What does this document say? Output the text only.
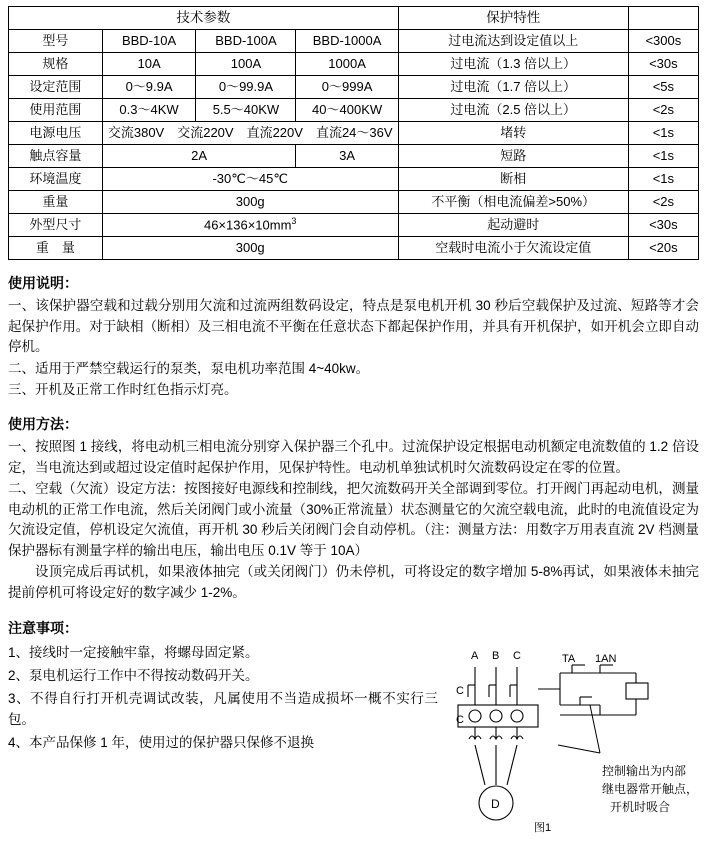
技术参数				保护特性	
型号	BBD-10A	BBD-100A	BBD-1000A	过电流达到设定值以上	<300s
规格	10A	100A	1000A	过电流（1.3 倍以上）	<30s
设定范围	0～9.9A	0～99.9A	0～999A	过电流（1.7 倍以上）	<5s
使用范围	0.3～4KW	5.5～40KW	40～400KW	过电流（2.5 倍以上）	<2s
电源电压	交流380V　交流220V　直流220V　直流24～36V			堵转	<1s
触点容量	2A		3A	短路	<1s
环境温度	-30℃～45℃			断相	<1s
重量	300g			不平衡（相电流偏差>50%）	<2s
外型尺寸	$46\times 136\times 10mm^3$			起动避时	<30s
重　量	300g			空载时电流小于欠流设定值	<20s
使用说明：

一、该保护器空载和过载分别用欠流和过流两组数码设定，特点是泵电机开机 30 秒后空载保护及过流、短路等才会起保护作用。对于缺相（断相）及三相电流不平衡在任意状态下都起保护作用，并具有开机保护，如开机会立即自动停机。

二、适用于严禁空载运行的泵类，泵电机功率范围 4~40kw。

三、开机及正常工作时红色指示灯亮。

使用方法：

一、按照图 1 接线，将电动机三相电流分别穿入保护器三个孔中。过流保护设定根据电动机额定电流数值的 1.2 倍设定，当电流达到或超过设定值时起保护作用，见保护特性。电动机单独试机时欠流数码设定在零的位置。

二、空载（欠流）设定方法：按图接好电源线和控制线，把欠流数码开关全部调到零位。打开阀门再起动电机，测量电动机的正常工作电流，然后关闭阀门或小流量（30%正常流量）状态测量它的欠流空载电流，此时的电流值设定为欠流设定值，停机设定欠流值，再开机 30 秒后关闭阀门会自动停机。（注：测量方法：用数字万用表直流 2V 档测量保护器标有测量字样的输出电压，输出电压 0.1V 等于 10A）

设顶完成后再试机，如果液体抽完（或关闭阀门）仍未停机，可将设定的数字增加 5-8%再试，如果液体未抽完提前停机可将设定好的数字减少 1-2%。

注意事项：

1、接线时一定接触牢靠，将螺母固定紧。

2、泵电机运行工作中不得按动数码开关。

3、不得自行打开机壳调试改装，凡属使用不当造成损坏一概不实行三包。

4、本产品保修 1 年，使用过的保护器只保修不退换

A B C	TA 1AN
C
C
D
图1
控制输出为内部
继电器常开触点，
开机时吸合
